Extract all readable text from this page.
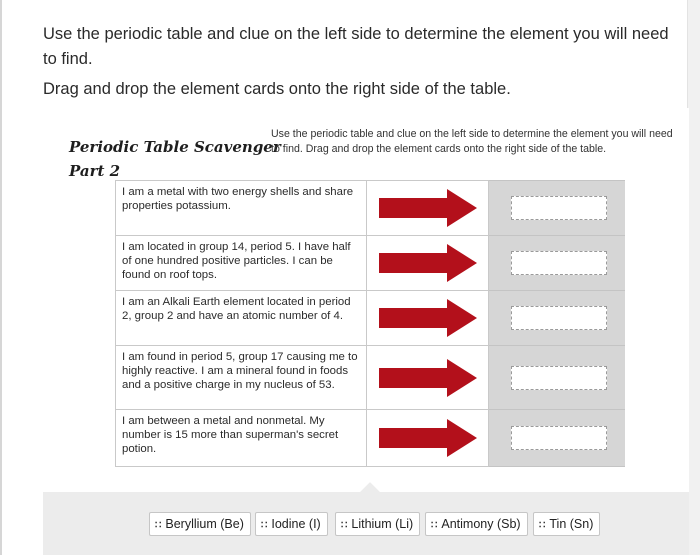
Use the periodic table and clue on the left side to determine the element you will need to find.
Drag and drop the element cards onto the right side of the table.
Periodic Table Scavenger
Part 2
Use the periodic table and clue on the left side to determine the element you will need to find. Drag and drop the element cards onto the right side of the table.
I am a metal with two energy shells and share properties potassium.
I am located in group 14, period 5. I have half of one hundred positive particles. I can be found on roof tops.
I am an Alkali Earth element located in period 2, group 2 and have an atomic number of 4.
I am found in period 5, group 17 causing me to highly reactive. I am a mineral found in foods and a positive charge in my nucleus of 53.
I am between a metal and nonmetal. My number is 15 more than superman's secret potion.
∷ Beryllium (Be)	∷ Iodine (I)	∷ Lithium (Li)	∷ Antimony (Sb)	∷ Tin (Sn)
